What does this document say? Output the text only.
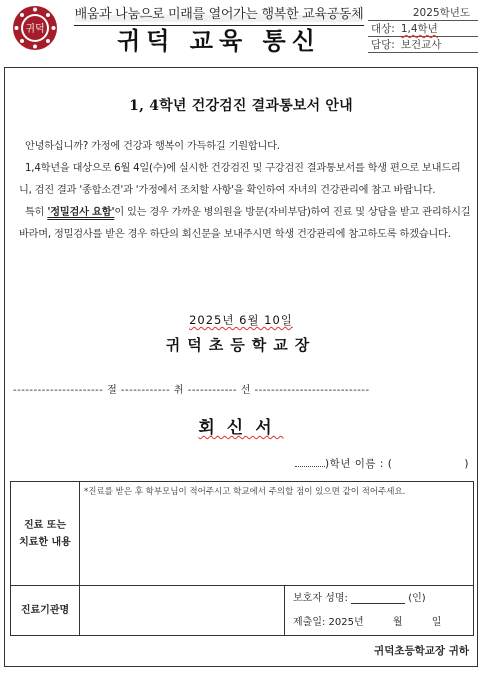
귀덕
배움과 나눔으로 미래를 열어가는 행복한 교육공동체
귀덕 교육 통신
2025학년도
대상: 1,4학년
담당: 보건교사
1, 4학년 건강검진 결과통보서 안내

안녕하십니까? 가정에 건강과 행복이 가득하길 기원합니다.

1,4학년을 대상으로 6월 4일(수)에 실시한 건강검진 및 구강검진 결과통보서를 학생 편으로 보내드리니, 검진 결과 '종합소견'과 '가정에서 조치할 사항'을 확인하여 자녀의 건강관리에 참고 바랍니다.

특히 '정밀검사 요함'이 있는 경우 가까운 병의원을 방문(자비부담)하여 진료 및 상담을 받고 관리하시길 바라며, 정밀검사를 받은 경우 하단의 회신문을 보내주시면 학생 건강관리에 참고하도록 하겠습니다.

2025년 6월 10일
귀덕초등학교장
---------------------- 절 ------------ 취 ------------ 선 ----------------------------
회신서
)학년 이름 : (	)
진료 또는
치료한 내용	*진료를 받은 후 학부모님이 적어주시고 학교에서 주의할 점이 있으면 같이 적어주세요.	
진료기관명		보호자 성명: (인)
제출일: 2025년 월 일
귀덕초등학교장 귀하
